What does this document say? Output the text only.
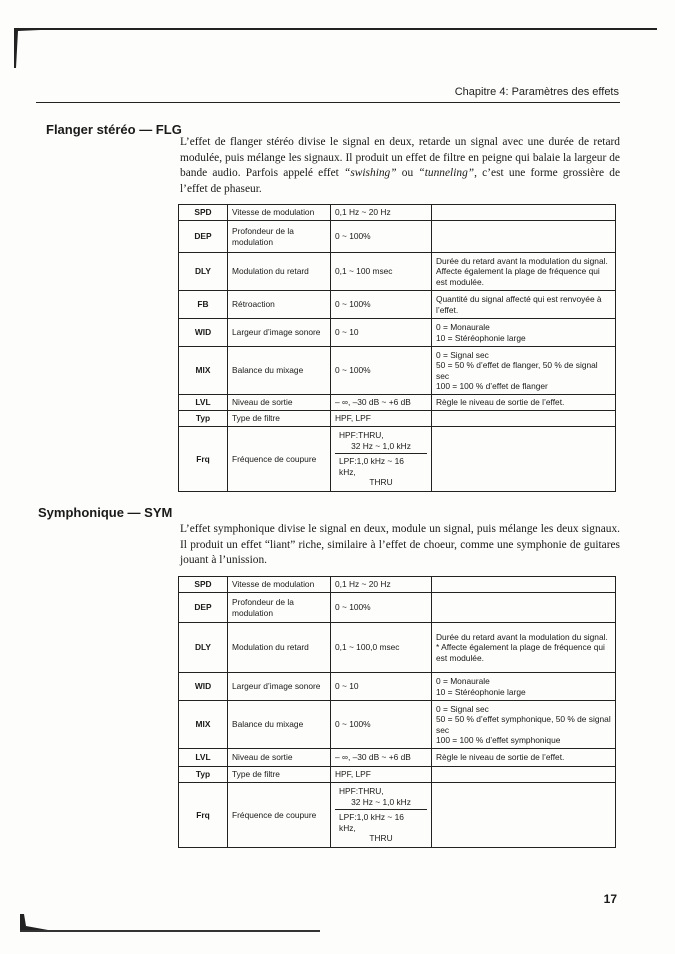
Chapitre 4: Paramètres des effets
Flanger stéréo — FLG

L’effet de flanger stéréo divise le signal en deux, retarde un signal avec une durée de retard modulée, puis mélange les signaux. Il produit un effet de filtre en peigne qui balaie la largeur de bande audio. Parfois appelé effet “swishing” ou “tunneling”, c’est une forme grossière de l’effet de phaseur.

SPD	Vitesse de modulation	0,1 Hz ~ 20 Hz	
DEP	Profondeur de la modulation	0 ~ 100%	
DLY	Modulation du retard	0,1 ~ 100 msec	Durée du retard avant la modulation du signal. Affecte également la plage de fréquence qui est modulée.
FB	Rétroaction	0 ~ 100%	Quantité du signal affecté qui est renvoyée à l’effet.
WID	Largeur d’image sonore	0 ~ 10	0 = Monaurale
10 = Stéréophonie large

MIX	Balance du mixage	0 ~ 100%	0 = Signal sec
50 = 50 % d’effet de flanger, 50 % de signal sec
100 = 100 % d’effet de flanger

LVL	Niveau de sortie	– ∞, –30 dB ~ +6 dB	Règle le niveau de sortie de l’effet.
Typ	Type de filtre	HPF, LPF	
Frq	Fréquence de coupure	HPF:THRU,
32 Hz ~ 1,0 kHz
LPF:1,0 kHz ~ 16 kHz,
THRU	

Symphonique — SYM

L’effet symphonique divise le signal en deux, module un signal, puis mélange les deux signaux. Il produit un effet “liant” riche, similaire à l’effet de choeur, comme une symphonie de guitares jouant à l’unission.

SPD	Vitesse de modulation	0,1 Hz ~ 20 Hz	
DEP	Profondeur de la modulation	0 ~ 100%	
DLY	Modulation du retard	0,1 ~ 100,0 msec	Durée du retard avant la modulation du signal.
* Affecte également la plage de fréquence qui est modulée.

WID	Largeur d’image sonore	0 ~ 10	0 = Monaurale
10 = Stéréophonie large

MIX	Balance du mixage	0 ~ 100%	0 = Signal sec
50 = 50 % d’effet symphonique, 50 % de signal sec
100 = 100 % d’effet symphonique

LVL	Niveau de sortie	– ∞, –30 dB ~ +6 dB	Règle le niveau de sortie de l’effet.
Typ	Type de filtre	HPF, LPF	
Frq	Fréquence de coupure	HPF:THRU,
32 Hz ~ 1,0 kHz
LPF:1,0 kHz ~ 16 kHz,
THRU	

17
